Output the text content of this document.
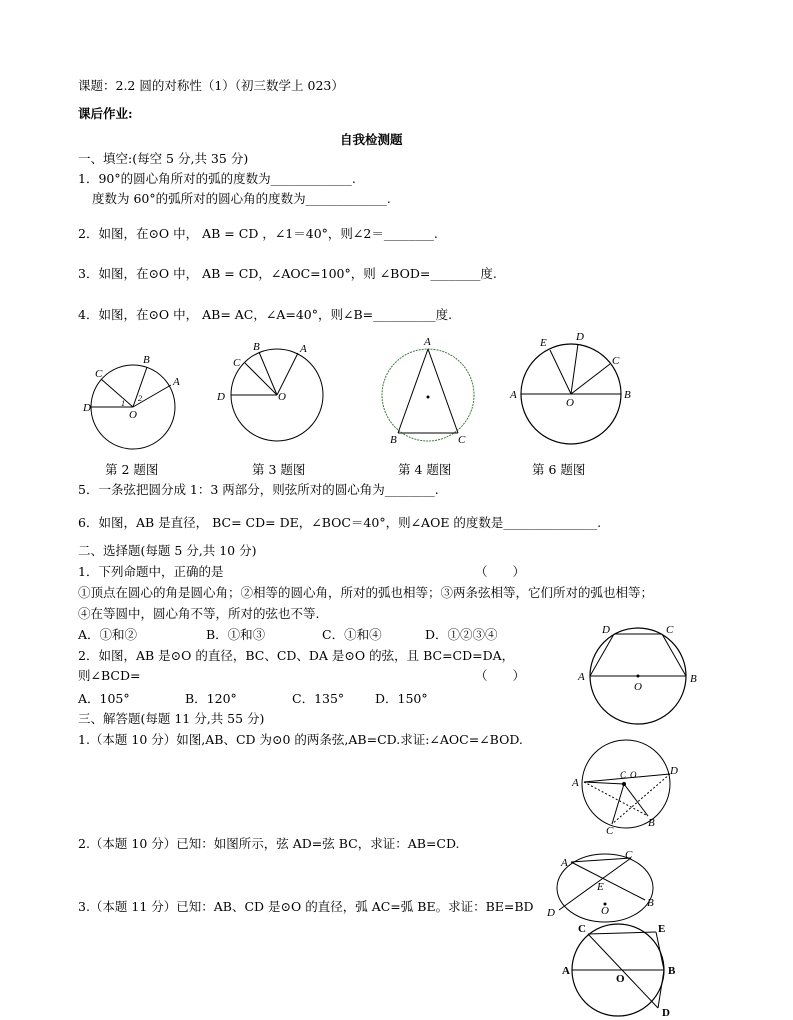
课题：2.2 圆的对称性（1）（初三数学上 023）
课后作业:
自我检测题
一、填空:(每空 5 分,共 35 分)
1．90°的圆心角所对的弧的度数为_____________.
度数为 60°的弧所对的圆心角的度数为_____________.
2．如图，在⊙O 中， AB = CD ，∠1＝40°，则∠2＝________.
3．如图，在⊙O 中， AB = CD，∠AOC=100°，则 ∠BOD=________度.
4．如图，在⊙O 中， AB= AC，∠A=40°，则∠B=__________度.
D
C
B
A
O
1
2	D
C
B	A
O
A
B	C
A	B
C
D
E
O
第 2 题图	第 3 题图	第 4 题图	第 6 题图
5．一条弦把圆分成 1：3 两部分，则弦所对的圆心角为________.
6．如图，AB 是直径， BC= CD= DE，∠BOC＝40°，则∠AOE 的度数是_______________.
二、选择题(每题 5 分,共 10 分)
1．下列命题中，正确的是	（　　）
①顶点在圆心的角是圆心角；②相等的圆心角，所对的弧也相等；③两条弦相等，它们所对的弧也相等；
④在等圆中，圆心角不等，所对的弦也不等.
A．①和②	B．①和③	C．①和④	D．①②③④
2．如图，AB 是⊙O 的直径，BC、CD、DA 是⊙O 的弦，且 BC=CD=DA，
则∠BCD=	（　　）
A．105°	B．120°	C．135° D．150°
A	B
C
D
O
三、解答题(每题 11 分,共 55 分)
1.（本题 10 分）如图,AB、CD 为⊙0 的两条弦,AB=CD.求证:∠AOC=∠BOD.
A
B
C
D
C O
2.（本题 10 分）已知：如图所示，弦 AD=弦 BC，求证：AB=CD.
A
B
C
D
E
O
3.（本题 11 分）已知：AB、CD 是⊙O 的直径，弧 AC=弧 BE。求证：BE=BD
A	B
C
D
E
O
